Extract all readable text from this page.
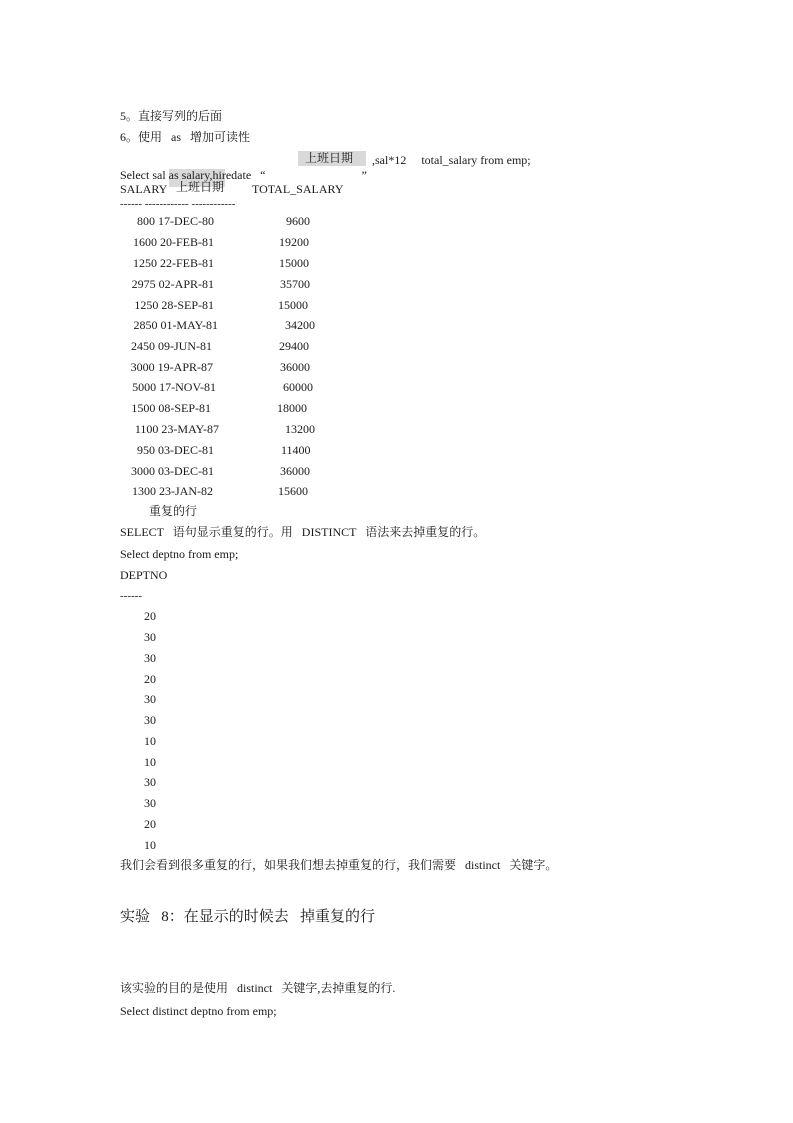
5。直接写列的后面
6。使用   as   增加可读性
上班日期 ,sal*12     total_salary from emp;
Select sal as salary,hiredate   “                                ”
SALARY 上班日期 TOTAL_SALARY
------ ------------ ------------
800 17-DEC-80	9600
1600 20-FEB-81	19200
1250 22-FEB-81	15000
2975 02-APR-81	35700
1250 28-SEP-81	15000
2850 01-MAY-81	34200
2450 09-JUN-81	29400
3000 19-APR-87	36000
5000 17-NOV-81	60000
1500 08-SEP-81	18000
1100 23-MAY-87	13200
950 03-DEC-81	11400
3000 03-DEC-81	36000
1300 23-JAN-82	15600
重复的行
SELECT   语句显示重复的行。用   DISTINCT   语法来去掉重复的行。
Select deptno from emp;
DEPTNO
------
20
30
30
20
30
30
10
10
30
30
20
10
我们会看到很多重复的行，如果我们想去掉重复的行，我们需要   distinct   关键字。
实验   8：在显示的时候去   掉重复的行
该实验的目的是使用   distinct   关键字,去掉重复的行.
Select distinct deptno from emp;
